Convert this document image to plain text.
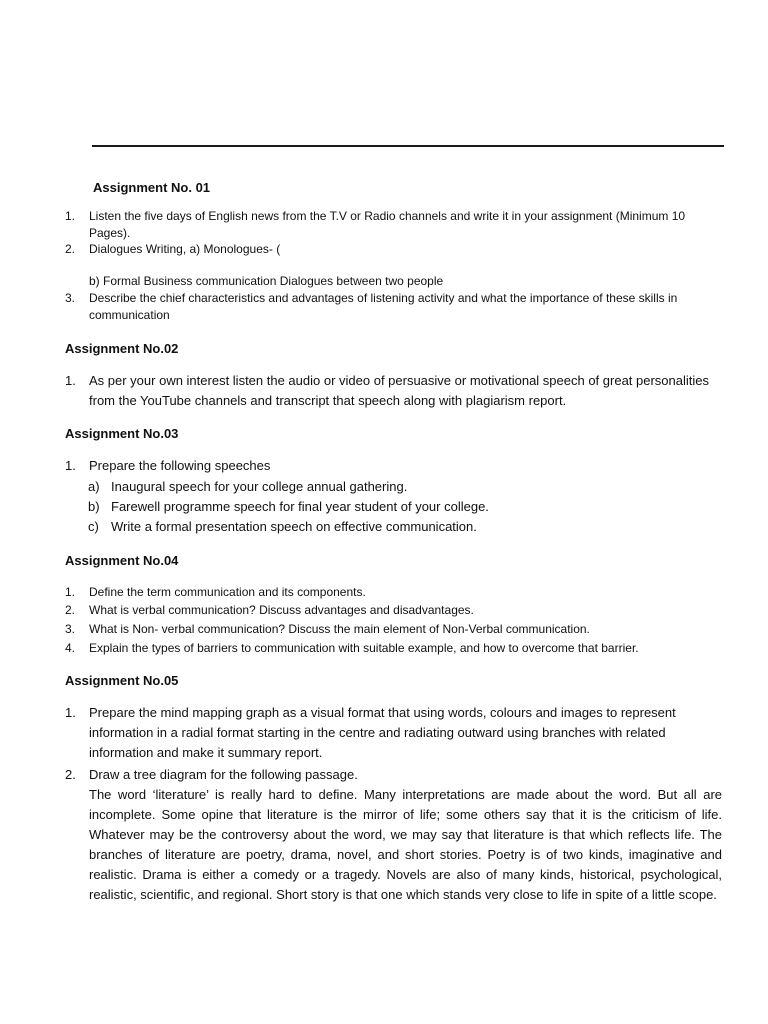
Assignment No. 01
1. Listen the five days of English news from the T.V or Radio channels and write it in your assignment (Minimum 10 Pages).
2. Dialogues Writing, a) Monologues- (
b) Formal Business communication Dialogues between two people
3. Describe the chief characteristics and advantages of listening activity and what the importance of these skills in communication
Assignment No.02
1. As per your own interest listen the audio or video of persuasive or motivational speech of great personalities from the YouTube channels and transcript that speech along with plagiarism report.
Assignment No.03
1. Prepare the following speeches
a) Inaugural speech for your college annual gathering.
b) Farewell programme speech for final year student of your college.
c) Write a formal presentation speech on effective communication.
Assignment No.04
1. Define the term communication and its components.
2. What is verbal communication? Discuss advantages and disadvantages.
3. What is Non- verbal communication? Discuss the main element of Non-Verbal communication.
4. Explain the types of barriers to communication with suitable example, and how to overcome that barrier.
Assignment No.05
1. Prepare the mind mapping graph as a visual format that using words, colours and images to represent information in a radial format starting in the centre and radiating outward using branches with related information and make it summary report.
2. Draw a tree diagram for the following passage.
The word ‘literature’ is really hard to define. Many interpretations are made about the word. But all are incomplete. Some opine that literature is the mirror of life; some others say that it is the criticism of life. Whatever may be the controversy about the word, we may say that literature is that which reflects life. The branches of literature are poetry, drama, novel, and short stories. Poetry is of two kinds, imaginative and realistic. Drama is either a comedy or a tragedy. Novels are also of many kinds, historical, psychological, realistic, scientific, and regional. Short story is that one which stands very close to life in spite of a little scope.
